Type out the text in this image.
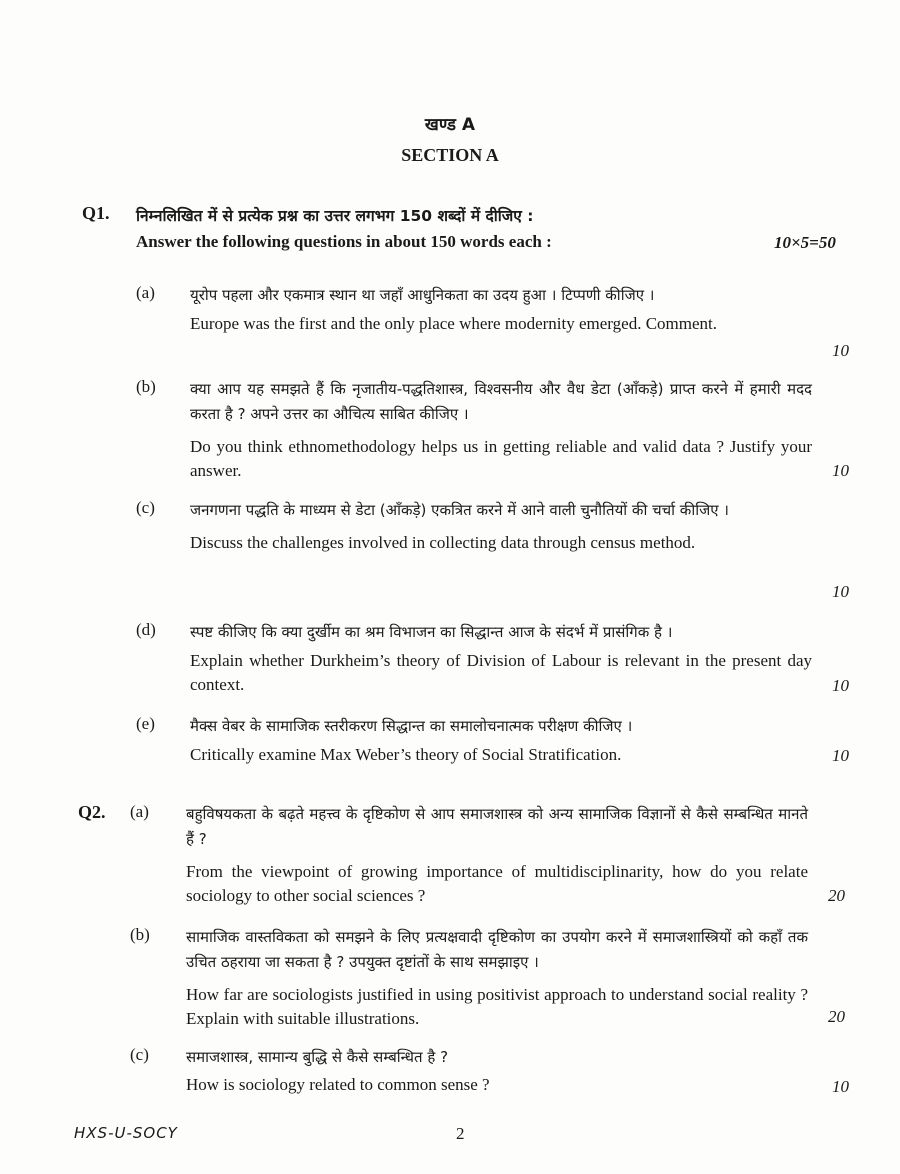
खण्ड A
SECTION A
Q1. निम्नलिखित में से प्रत्येक प्रश्न का उत्तर लगभग 150 शब्दों में दीजिए :
Answer the following questions in about 150 words each :	10×5=50
(a) यूरोप पहला और एकमात्र स्थान था जहाँ आधुनिकता का उदय हुआ । टिप्पणी कीजिए ।
Europe was the first and the only place where modernity emerged. Comment.
10
(b) क्या आप यह समझते हैं कि नृजातीय-पद्धतिशास्त्र, विश्वसनीय और वैध डेटा (आँकड़े) प्राप्त करने में हमारी मदद करता है ? अपने उत्तर का औचित्य साबित कीजिए ।
Do you think ethnomethodology helps us in getting reliable and valid data ? Justify your answer.	10
(c) जनगणना पद्धति के माध्यम से डेटा (आँकड़े) एकत्रित करने में आने वाली चुनौतियों की चर्चा कीजिए ।
Discuss the challenges involved in collecting data through census method.
10
(d) स्पष्ट कीजिए कि क्या दुर्खीम का श्रम विभाजन का सिद्धान्त आज के संदर्भ में प्रासंगिक है ।
Explain whether Durkheim’s theory of Division of Labour is relevant in the present day context.	10
(e) मैक्स वेबर के सामाजिक स्तरीकरण सिद्धान्त का समालोचनात्मक परीक्षण कीजिए ।
Critically examine Max Weber’s theory of Social Stratification.	10
Q2. (a) बहुविषयकता के बढ़ते महत्त्व के दृष्टिकोण से आप समाजशास्त्र को अन्य सामाजिक विज्ञानों से कैसे सम्बन्धित मानते हैं ?
From the viewpoint of growing importance of multidisciplinarity, how do you relate sociology to other social sciences ?	20
(b) सामाजिक वास्तविकता को समझने के लिए प्रत्यक्षवादी दृष्टिकोण का उपयोग करने में समाजशास्त्रियों को कहाँ तक उचित ठहराया जा सकता है ? उपयुक्त दृष्टांतों के साथ समझाइए ।
How far are sociologists justified in using positivist approach to understand social reality ? Explain with suitable illustrations.	20
(c) समाजशास्त्र, सामान्य बुद्धि से कैसे सम्बन्धित है ?
How is sociology related to common sense ?	10
HXS-U-SOCY	2
